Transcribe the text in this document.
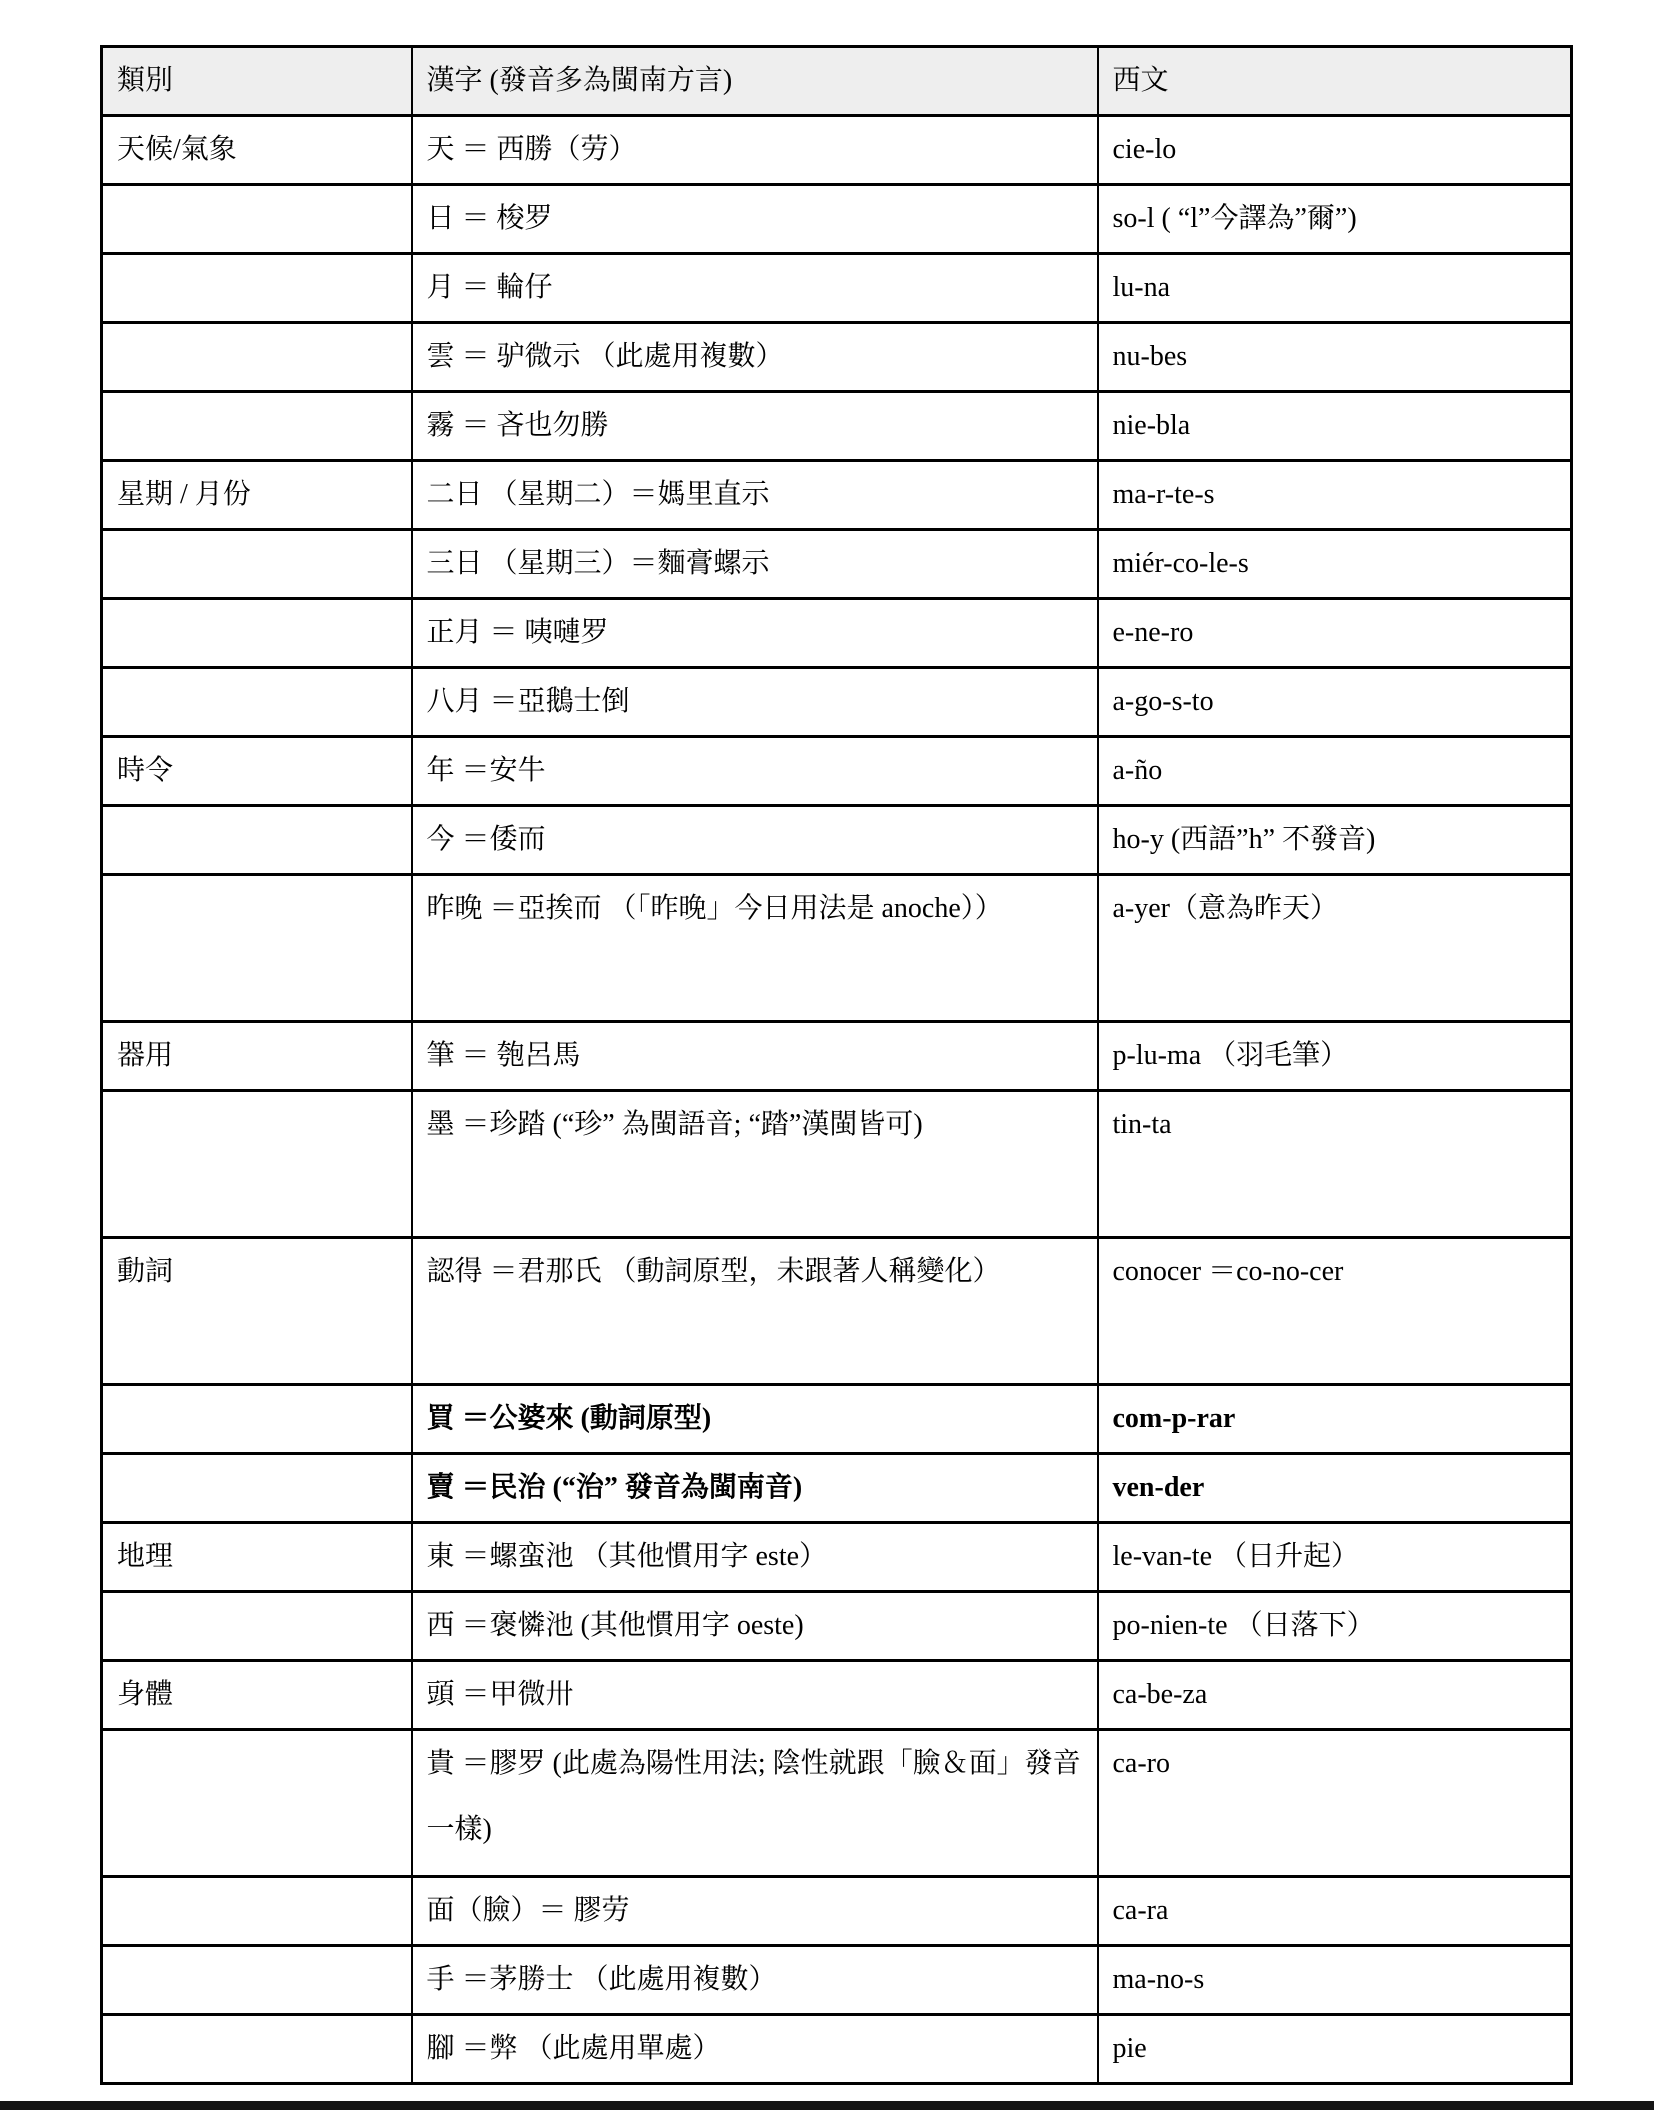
類別	漢字 (發音多為閩南方言)	西文
天候/氣象	天 ＝ 西勝（劳）	cie-lo
	日 ＝ 梭罗	so-l ( “l”今譯為”爾”)
	月 ＝ 輪仔	lu-na
	雲 ＝ 驴微示 （此處用複數）	nu-bes
	霧 ＝ 吝也勿勝	nie-bla
星期 / 月份	二日 （星期二）＝媽里直示	ma-r-te-s
	三日 （星期三）＝麵膏螺示	miér-co-le-s
	正月 ＝ 咦嗹罗	e-ne-ro
	八月 ＝亞鵝士倒	a-go-s-to
時令	年 ＝安牛	a-ño
	今 ＝倭而	ho-y (西語”h” 不發音)
	昨晚 ＝亞挨而 （「昨晚」今日用法是 anoche））	a-yer（意為昨天）
器用	筆 ＝ 匏呂馬	p-lu-ma （羽毛筆）
	墨 ＝珍踏 (“珍” 為閩語音; “踏”漢閩皆可)	tin-ta
動詞	認得 ＝君那氏 （動詞原型，未跟著人稱變化）	conocer ＝co-no-cer
	買 ＝公婆來 (動詞原型)	com-p-rar
	賣 ＝民治 (“治” 發音為閩南音)	ven-der
地理	東 ＝螺蛮池 （其他慣用字 este）	le-van-te （日升起）
	西 ＝褒憐池 (其他慣用字 oeste)	po-nien-te （日落下）
身體	頭 ＝甲微卅	ca-be-za
	貴 ＝膠罗 (此處為陽性用法; 陰性就跟「臉＆面」發音一樣)	ca-ro
	面（臉）＝ 膠劳	ca-ra
	手 ＝茅勝士 （此處用複數）	ma-no-s
	腳 ＝弊 （此處用單處）	pie
